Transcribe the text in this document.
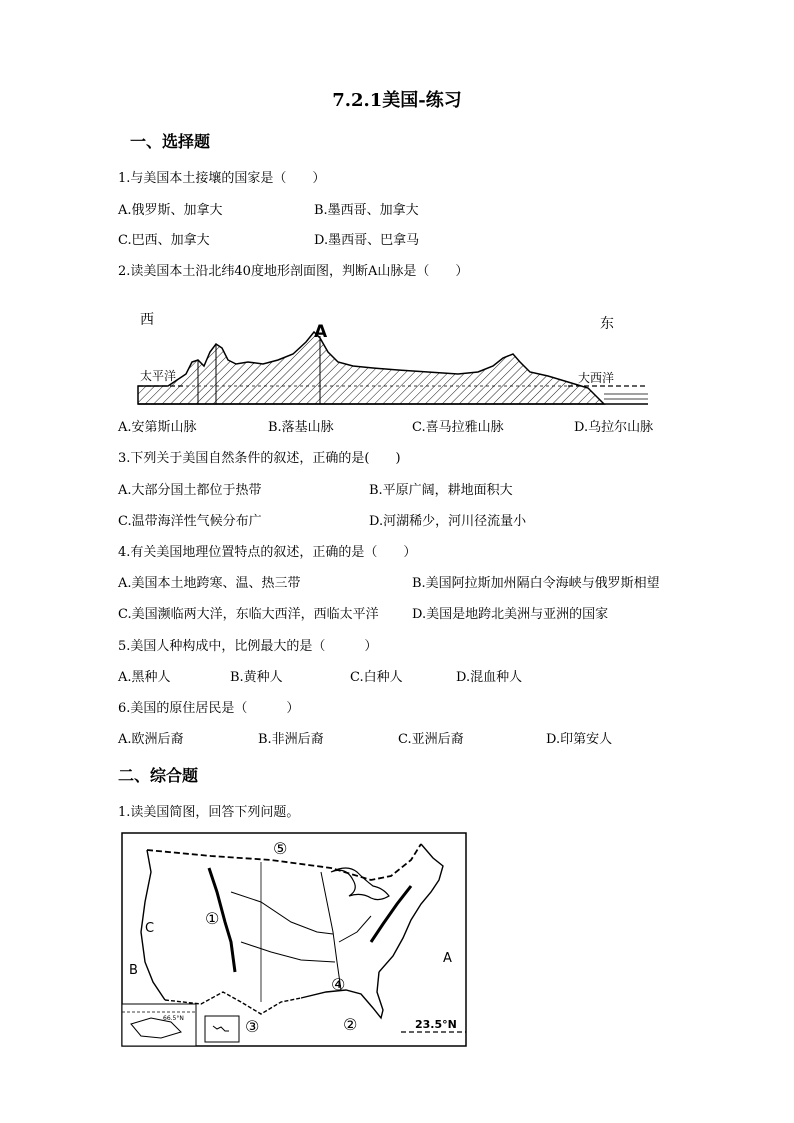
7.2.1美国-练习
一、选择题
1.与美国本土接壤的国家是（　　）
A.俄罗斯、加拿大	B.墨西哥、加拿大
C.巴西、加拿大	D.墨西哥、巴拿马
2.读美国本土沿北纬40度地形剖面图，判断A山脉是（　　）
西	东
A
太平洋	大西洋
A.安第斯山脉	B.落基山脉	C.喜马拉雅山脉	D.乌拉尔山脉
3.下列关于美国自然条件的叙述，正确的是(　　)
A.大部分国土都位于热带	B.平原广阔，耕地面积大
C.温带海洋性气候分布广	D.河湖稀少，河川径流量小
4.有关美国地理位置特点的叙述，正确的是（　　）
A.美国本土地跨寒、温、热三带	B.美国阿拉斯加州隔白令海峡与俄罗斯相望
C.美国濒临两大洋，东临大西洋，西临太平洋	D.美国是地跨北美洲与亚洲的国家
5.美国人种构成中，比例最大的是（　　　）
A.黑种人	B.黄种人	C.白种人	D.混血种人
6.美国的原住居民是（　　　）
A.欧洲后裔	B.非洲后裔	C.亚洲后裔	D.印第安人
二、综合题
1.读美国简图，回答下列问题。
⑤
①
④
③	②
C
B
A
23.5°N
66.5°N
